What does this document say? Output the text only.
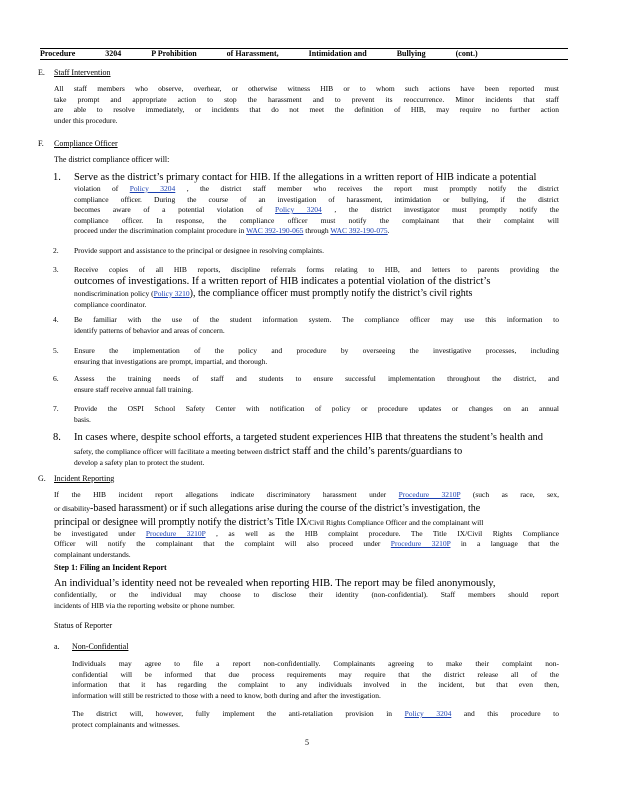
Procedure	3204	P Prohibition	of Harassment,	Intimidation and	Bullying	(cont.)
E. Staff Intervention
All staff members who observe, overhear, or otherwise witness HIB or to whom such actions have been reported must
take prompt and appropriate action to stop the harassment and to prevent its reoccurrence. Minor incidents that staff
are able to resolve immediately, or incidents that do not meet the definition of HIB, may require no further action
under this procedure.
F. Compliance Officer
The district compliance officer will:
1.	Serve as the district’s primary contact for HIB. If the allegations in a written report of HIB indicate a potential
violation of Policy 3204 , the district staff member who receives the report must promptly notify the district
compliance officer. During the course of an investigation of harassment, intimidation or bullying, if the district
becomes aware of a potential violation of Policy 3204 , the district investigator must promptly notify the
compliance officer. In response, the compliance officer must notify the complainant that their complaint will
proceed under the discrimination complaint procedure in WAC 392-190-065 through WAC 392-190-075.
2.	Provide support and assistance to the principal or designee in resolving complaints.
3.	Receive copies of all HIB reports, discipline referrals forms relating to HIB, and letters to parents providing the
outcomes of investigations. If a written report of HIB indicates a potential violation of the district’s
nondiscrimination policy (Policy 3210), the compliance officer must promptly notify the district’s civil rights
compliance coordinator.
4.	Be familiar with the use of the student information system. The compliance officer may use this information to
identify patterns of behavior and areas of concern.
5.	Ensure the implementation of the policy and procedure by overseeing the investigative processes, including
ensuring that investigations are prompt, impartial, and thorough.
6.	Assess the training needs of staff and students to ensure successful implementation throughout the district, and
ensure staff receive annual fall training.
7.	Provide the OSPI School Safety Center with notification of policy or procedure updates or changes on an annual
basis.
8.	In cases where, despite school efforts, a targeted student experiences HIB that threatens the student’s health and
safety, the compliance officer will facilitate a meeting between district staff and the child’s parents/guardians to
develop a safety plan to protect the student.
G. Incident Reporting
If the HIB incident report allegations indicate discriminatory harassment under Procedure 3210P (such as race, sex,
or disability-based harassment) or if such allegations arise during the course of the district’s investigation, the
principal or designee will promptly notify the district’s Title IX/Civil Rights Compliance Officer and the complainant will
be investigated under Procedure 3210P , as well as the HIB complaint procedure. The Title IX/Civil Rights Compliance
Officer will notify the complainant that the complaint will also proceed under Procedure 3210P in a language that the
complainant understands.
Step 1: Filing an Incident Report
An individual’s identity need not be revealed when reporting HIB. The report may be filed anonymously,
confidentially, or the individual may choose to disclose their identity (non-confidential). Staff members should report
incidents of HIB via the reporting website or phone number.
Status of Reporter
a. Non-Confidential
Individuals may agree to file a report non-confidentially. Complainants agreeing to make their complaint non-
confidential will be informed that due process requirements may require that the district release all of the
information that it has regarding the complaint to any individuals involved in the incident, but that even then,
information will still be restricted to those with a need to know, both during and after the investigation.
The district will, however, fully implement the anti-retaliation provision in Policy 3204 and this procedure to
protect complainants and witnesses.
5
